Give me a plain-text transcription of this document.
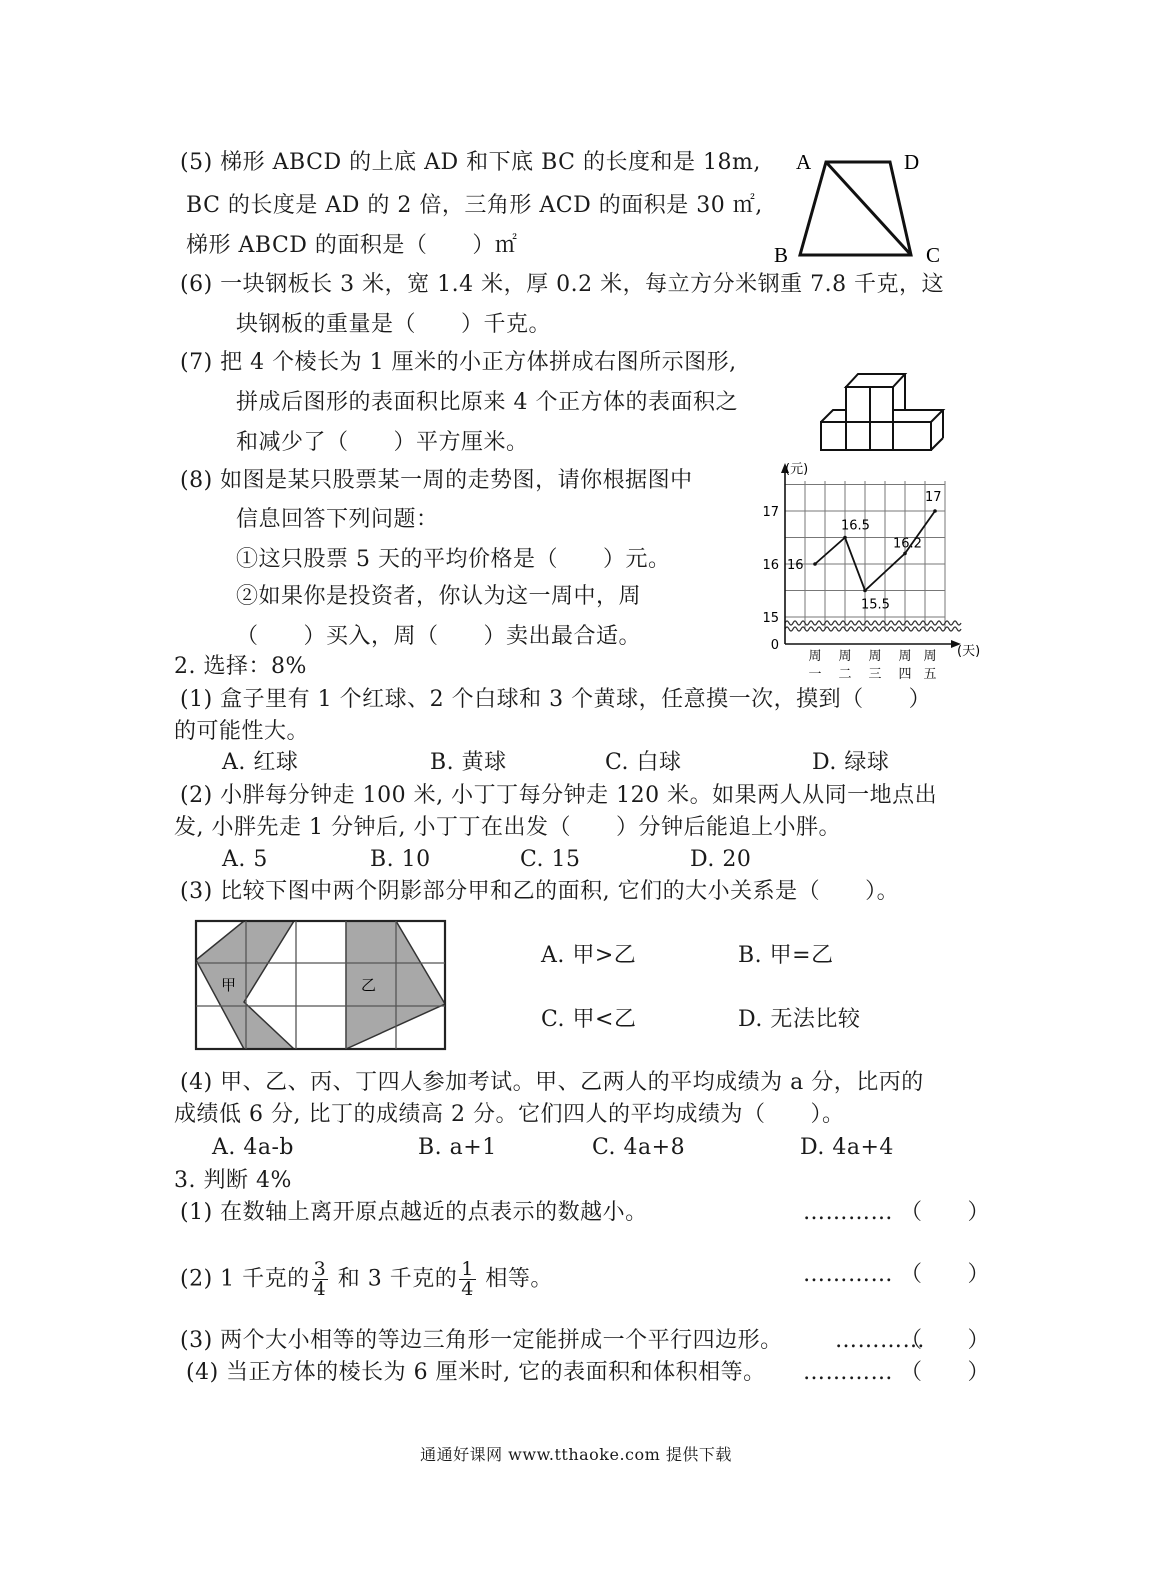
(5) 梯形 ABCD 的上底 AD 和下底 BC 的长度和是 18m,
BC 的长度是 AD 的 2 倍，三角形 ACD 的面积是 30 ㎡,
梯形 ABCD 的面积是（　　）㎡
A	D
B	C
(6) 一块钢板长 3 米，宽 1.4 米，厚 0.2 米，每立方分米钢重 7.8 千克，这
块钢板的重量是（　　）千克。
(7) 把 4 个棱长为 1 厘米的小正方体拼成右图所示图形,
拼成后图形的表面积比原来 4 个正方体的表面积之
和减少了（　　）平方厘米。
(8) 如图是某只股票某一周的走势图，请你根据图中
信息回答下列问题：
①这只股票 5 天的平均价格是（　　）元。
②如果你是投资者，你认为这一周中，周
（　　）买入，周（　　）卖出最合适。	0
15
16
17
周 周 周 周 周
一 二 三 四 五
16
16.5
15.5
16.2
17
(元)
(天)
2. 选择：8%
(1) 盒子里有 1 个红球、2 个白球和 3 个黄球，任意摸一次，摸到（　　）
的可能性大。
A. 红球	B. 黄球	C. 白球	D. 绿球
(2) 小胖每分钟走 100 米, 小丁丁每分钟走 120 米。如果两人从同一地点出
发, 小胖先走 1 分钟后, 小丁丁在出发（　　）分钟后能追上小胖。
A. 5	B. 10	C. 15	D. 20
(3) 比较下图中两个阴影部分甲和乙的面积, 它们的大小关系是（　　）。
甲	乙
A. 甲>乙	B. 甲=乙
C. 甲<乙	D. 无法比较
(4) 甲、乙、丙、丁四人参加考试。甲、乙两人的平均成绩为 a 分，比丙的
成绩低 6 分, 比丁的成绩高 2 分。它们四人的平均成绩为（　　）。
A. 4a-b	B. a+1	C. 4a+8	D. 4a+4
3. 判断 4%
(1) 在数轴上离开原点越近的点表示的数越小。	………… （　　）
(2) 1 千克的 $\frac{3}{4}$ 和 3 千克的 $\frac{1}{4}$ 相等。	………… （　　）
(3) 两个大小相等的等边三角形一定能拼成一个平行四边形。 …………
（　　）
(4) 当正方体的棱长为 6 厘米时, 它的表面积和体积相等。 ………… （　　）
通通好课网 www.tthaoke.com 提供下载
